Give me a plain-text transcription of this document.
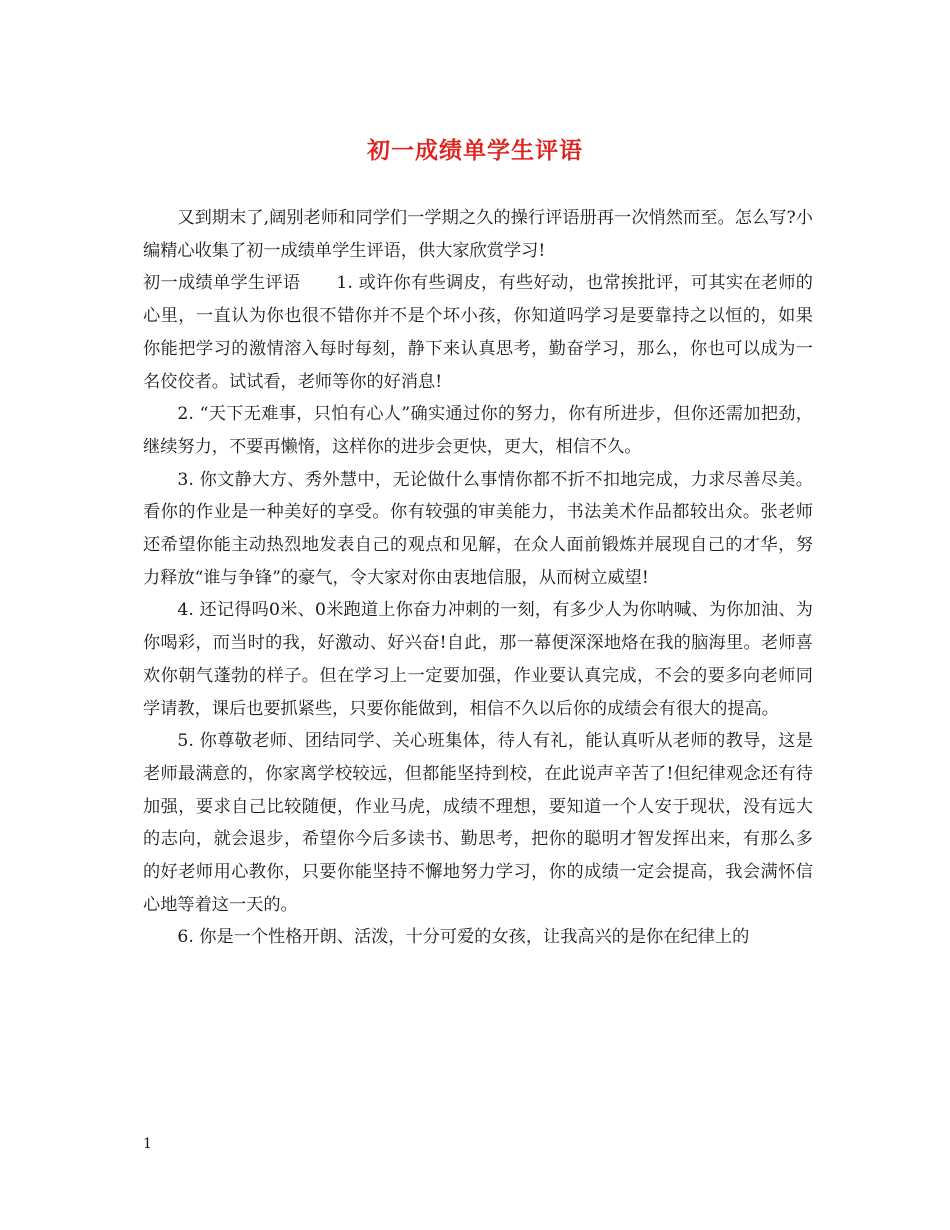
初一成绩单学生评语

又到期末了,阔别老师和同学们一学期之久的操行评语册再一次悄然而至。怎么写?小编精心收集了初一成绩单学生评语，供大家欣赏学习!

初一成绩单学生评语 1. 或许你有些调皮，有些好动，也常挨批评，可其实在老师的心里，一直认为你也很不错你并不是个坏小孩，你知道吗学习是要靠持之以恒的，如果你能把学习的激情溶入每时每刻，静下来认真思考，勤奋学习，那么，你也可以成为一名佼佼者。试试看，老师等你的好消息!

2. “天下无难事，只怕有心人”确实通过你的努力，你有所进步，但你还需加把劲，继续努力，不要再懒惰，这样你的进步会更快，更大，相信不久。

3. 你文静大方、秀外慧中，无论做什么事情你都不折不扣地完成，力求尽善尽美。看你的作业是一种美好的享受。你有较强的审美能力，书法美术作品都较出众。张老师还希望你能主动热烈地发表自己的观点和见解，在众人面前锻炼并展现自己的才华，努力释放“谁与争锋”的豪气，令大家对你由衷地信服，从而树立威望!

4. 还记得吗0米、0米跑道上你奋力冲刺的一刻，有多少人为你呐喊、为你加油、为你喝彩，而当时的我，好激动、好兴奋!自此，那一幕便深深地烙在我的脑海里。老师喜欢你朝气蓬勃的样子。但在学习上一定要加强，作业要认真完成，不会的要多向老师同学请教，课后也要抓紧些，只要你能做到，相信不久以后你的成绩会有很大的提高。

5. 你尊敬老师、团结同学、关心班集体，待人有礼，能认真听从老师的教导，这是老师最满意的，你家离学校较远，但都能坚持到校，在此说声辛苦了!但纪律观念还有待加强，要求自己比较随便，作业马虎，成绩不理想，要知道一个人安于现状，没有远大的志向，就会退步，希望你今后多读书、勤思考，把你的聪明才智发挥出来，有那么多的好老师用心教你，只要你能坚持不懈地努力学习，你的成绩一定会提高，我会满怀信心地等着这一天的。

6. 你是一个性格开朗、活泼，十分可爱的女孩，让我高兴的是你在纪律上的

1
